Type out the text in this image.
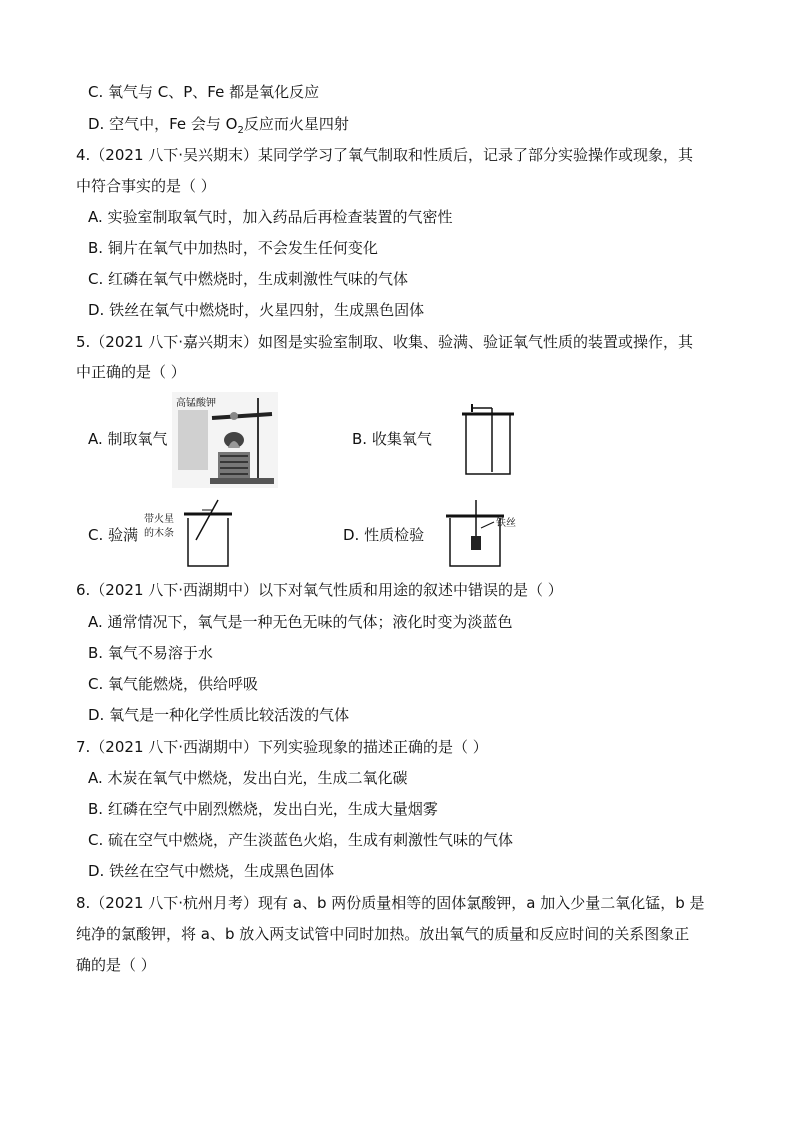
C. 氧气与 C、P、Fe 都是氧化反应
D. 空气中，Fe 会与 $O_2$反应而火星四射
4.（2021 八下·吴兴期末）某同学学习了氧气制取和性质后，记录了部分实验操作或现象，其
中符合事实的是（ ）
A. 实验室制取氧气时，加入药品后再检查装置的气密性
B. 铜片在氧气中加热时，不会发生任何变化
C. 红磷在氧气中燃烧时，生成刺激性气味的气体
D. 铁丝在氧气中燃烧时，火星四射，生成黑色固体
5.（2021 八下·嘉兴期末）如图是实验室制取、收集、验满、验证氧气性质的装置或操作，其
中正确的是（ ）
A. 制取氧气	B. 收集氧气
C. 验满	D. 性质检验
高锰酸钾
带火星
的木条
铁丝
6.（2021 八下·西湖期中）以下对氧气性质和用途的叙述中错误的是（ ）
A. 通常情况下，氧气是一种无色无味的气体；液化时变为淡蓝色
B. 氧气不易溶于水
C. 氧气能燃烧，供给呼吸
D. 氧气是一种化学性质比较活泼的气体
7.（2021 八下·西湖期中）下列实验现象的描述正确的是（ ）
A. 木炭在氧气中燃烧，发出白光，生成二氧化碳
B. 红磷在空气中剧烈燃烧，发出白光，生成大量烟雾
C. 硫在空气中燃烧，产生淡蓝色火焰，生成有刺激性气味的气体
D. 铁丝在空气中燃烧，生成黑色固体
8.（2021 八下·杭州月考）现有 a、b 两份质量相等的固体氯酸钾，a 加入少量二氧化锰，b 是
纯净的氯酸钾，将 a、b 放入两支试管中同时加热。放出氧气的质量和反应时间的关系图象正
确的是（ ）
